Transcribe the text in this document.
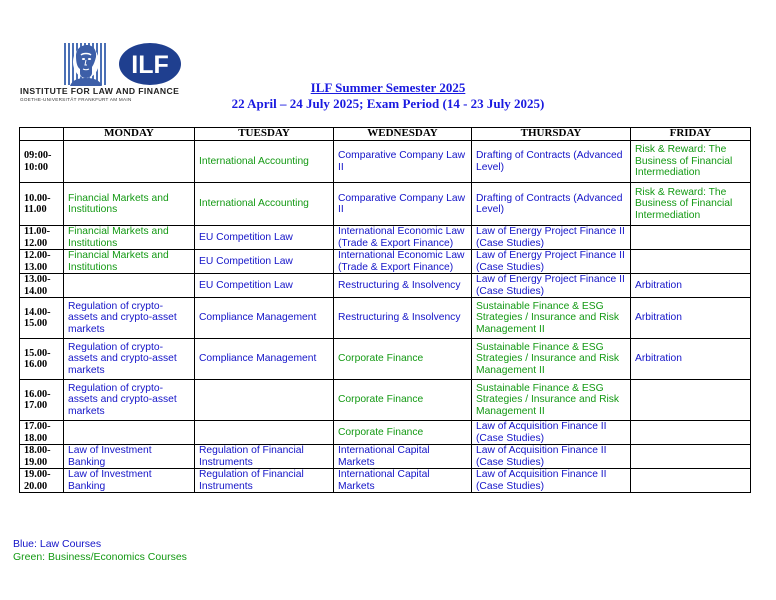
ILF
INSTITUTE FOR LAW AND FINANCE
GOETHE-UNIVERSITÄT FRANKFURT AM MAIN
ILF Summer Semester 2025
22 April – 24 July 2025; Exam Period (14 - 23 July 2025)
	MONDAY	TUESDAY	WEDNESDAY	THURSDAY	FRIDAY

09:00-
10:00		International Accounting	Comparative Company Law II	Drafting of Contracts (Advanced Level)	Risk & Reward: The Business of Financial Intermediation

10.00-
11.00	Financial Markets and Institutions	International Accounting	Comparative Company Law II	Drafting of Contracts (Advanced Level)	Risk & Reward: The Business of Financial Intermediation

11.00-
12.00	Financial Markets and Institutions	EU Competition Law	International Economic Law (Trade & Export Finance)	Law of Energy Project Finance II (Case Studies)	

12.00-
13.00	Financial Markets and Institutions	EU Competition Law	International Economic Law (Trade & Export Finance)	Law of Energy Project Finance II (Case Studies)	

13.00-
14.00		EU Competition Law	Restructuring & Insolvency	Law of Energy Project Finance II (Case Studies)	Arbitration

14.00-
15.00	Regulation of crypto-assets and crypto-asset markets	Compliance Management	Restructuring & Insolvency	Sustainable Finance & ESG Strategies / Insurance and Risk Management II	Arbitration

15.00-
16.00	Regulation of crypto-assets and crypto-asset markets	Compliance Management	Corporate Finance	Sustainable Finance & ESG Strategies / Insurance and Risk Management II	Arbitration

16.00-
17.00	Regulation of crypto-assets and crypto-asset markets		Corporate Finance	Sustainable Finance & ESG Strategies / Insurance and Risk Management II	

17.00-
18.00			Corporate Finance	Law of Acquisition Finance II (Case Studies)	

18.00-
19.00	Law of Investment Banking	Regulation of Financial Instruments	International Capital Markets	Law of Acquisition Finance II (Case Studies)	

19.00-
20.00	Law of Investment Banking	Regulation of Financial Instruments	International Capital Markets	Law of Acquisition Finance II (Case Studies)	
Blue: Law Courses
Green: Business/Economics Courses
